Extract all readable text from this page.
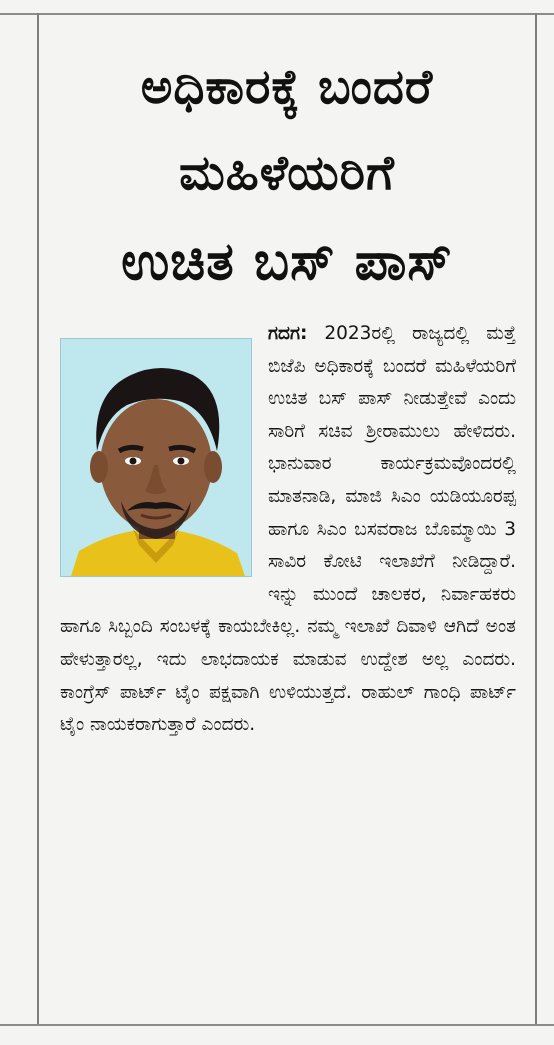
ಅಧಿಕಾರಕ್ಕೆ ಬಂದರೆ
ಮಹಿಳೆಯರಿಗೆ
ಉಚಿತ ಬಸ್‌ ಪಾಸ್‌

ಗದಗ: 2023ರಲ್ಲಿ ರಾಜ್ಯದಲ್ಲಿ ಮತ್ತೆ ಬಿಜೆಪಿ ಅಧಿಕಾರಕ್ಕೆ ಬಂದರೆ ಮಹಿಳೆಯರಿಗೆ ಉಚಿತ ಬಸ್‌ ಪಾಸ್‌ ನೀಡುತ್ತೇವೆ ಎಂದು ಸಾರಿಗೆ ಸಚಿವ ಶ್ರೀರಾಮುಲು ಹೇಳಿದರು. ಭಾನುವಾರ ಕಾರ್ಯಕ್ರಮವೊಂದರಲ್ಲಿ ಮಾತನಾಡಿ, ಮಾಜಿ ಸಿಎಂ ಯಡಿಯೂರಪ್ಪ ಹಾಗೂ ಸಿಎಂ ಬಸವರಾಜ ಬೊಮ್ಮಾಯಿ 3 ಸಾವಿರ ಕೋಟಿ ಇಲಾಖೆಗೆ ನೀಡಿದ್ದಾರೆ. ಇನ್ನು ಮುಂದೆ ಚಾಲಕರ, ನಿರ್ವಾಹಕರು ಹಾಗೂ ಸಿಬ್ಬಂದಿ ಸಂಬಳಕ್ಕೆ ಕಾಯಬೇಕಿಲ್ಲ. ನಮ್ಮ ಇಲಾಖೆ ದಿವಾಳಿ ಆಗಿದೆ ಅಂತ ಹೇಳುತ್ತಾರಲ್ಲ, ಇದು ಲಾಭದಾಯಕ ಮಾಡುವ ಉದ್ದೇಶ ಅಲ್ಲ ಎಂದರು. ಕಾಂಗ್ರೆಸ್‌ ಪಾರ್ಟ್‌ ಟೈಂ ಪಕ್ಷವಾಗಿ ಉಳಿಯುತ್ತದೆ. ರಾಹುಲ್‌ ಗಾಂಧಿ ಪಾರ್ಟ್‌ ಟೈಂ ನಾಯಕರಾಗುತ್ತಾರೆ ಎಂದರು.
